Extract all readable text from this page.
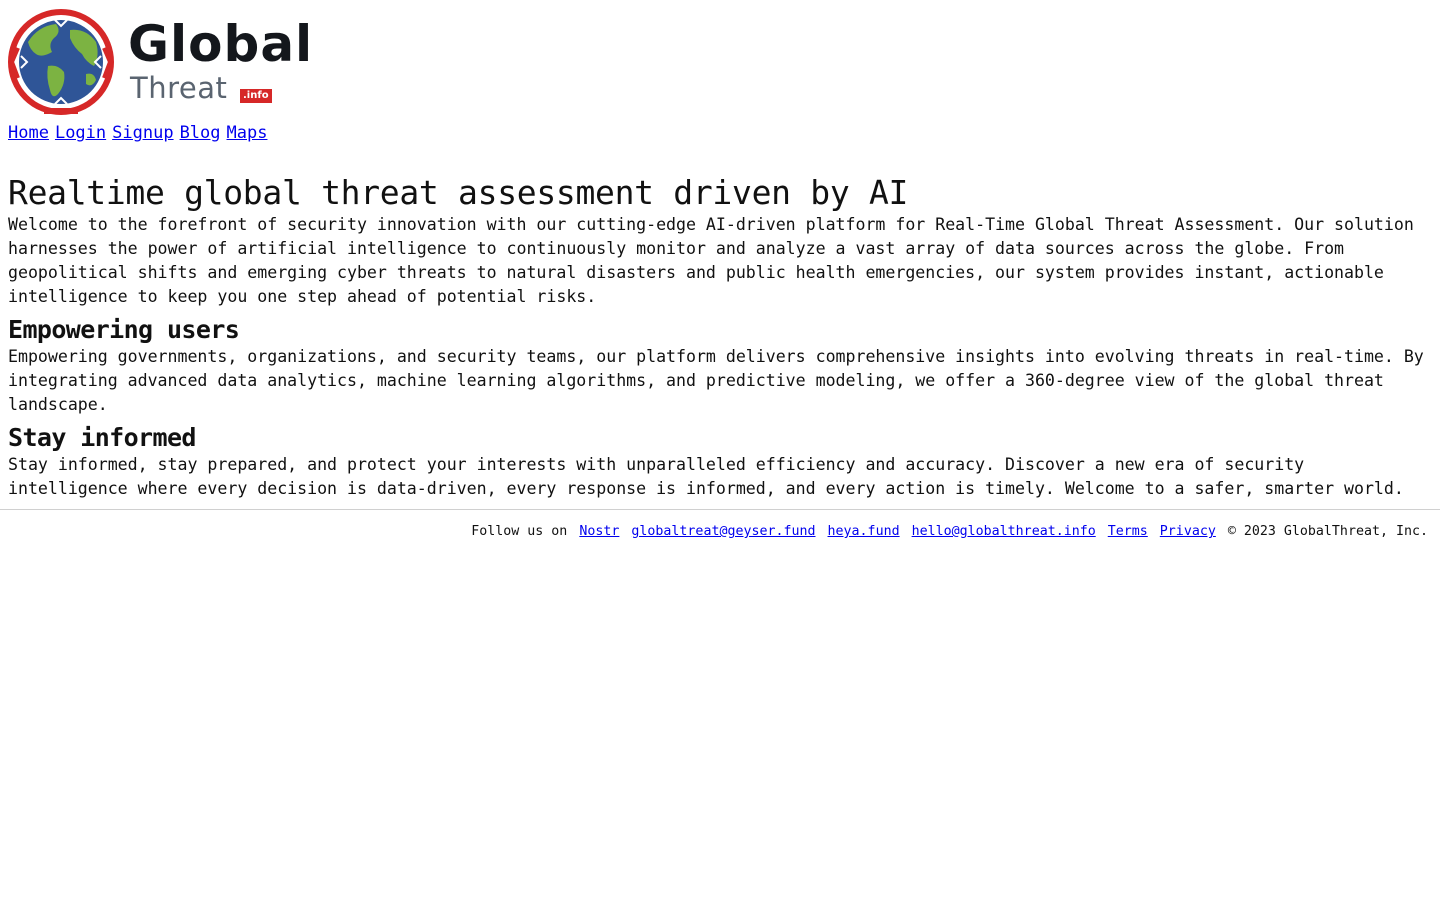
Global
Threat	.info
Home Login Signup Blog Maps
Realtime global threat assessment driven by AI

Welcome to the forefront of security innovation with our cutting-edge AI-driven platform for Real-Time Global Threat Assessment. Our solution harnesses the power of artificial intelligence to continuously monitor and analyze a vast array of data sources across the globe. From geopolitical shifts and emerging cyber threats to natural disasters and public health emergencies, our system provides instant, actionable intelligence to keep you one step ahead of potential risks.

Empowering users

Empowering governments, organizations, and security teams, our platform delivers comprehensive insights into evolving threats in real-time. By integrating advanced data analytics, machine learning algorithms, and predictive modeling, we offer a 360-degree view of the global threat landscape.

Stay informed

Stay informed, stay prepared, and protect your interests with unparalleled efficiency and accuracy. Discover a new era of security intelligence where every decision is data-driven, every response is informed, and every action is timely. Welcome to a safer, smarter world.

Follow us on Nostr globaltreat@geyser.fund heya.fund hello@globalthreat.info Terms Privacy © 2023 GlobalThreat, Inc.
